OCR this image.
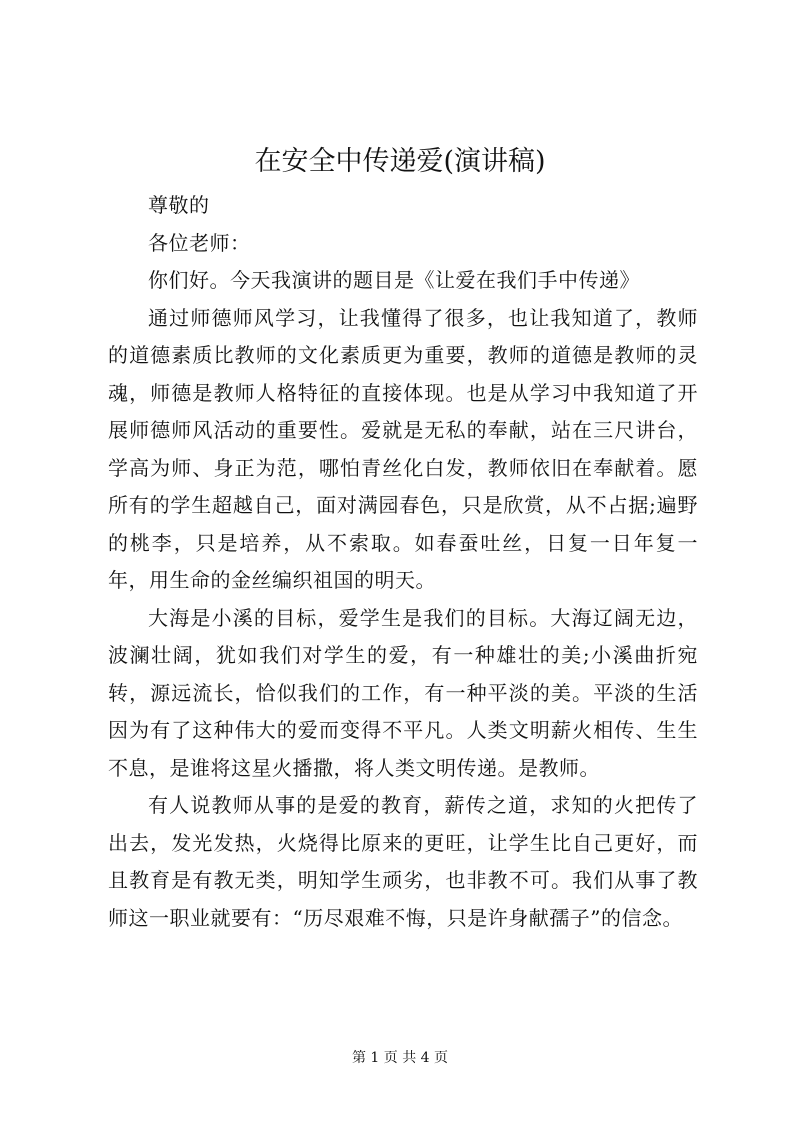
在安全中传递爱(演讲稿)

尊敬的

各位老师：

你们好。今天我演讲的题目是《让爱在我们手中传递》

通过师德师风学习，让我懂得了很多，也让我知道了，教师的道德素质比教师的文化素质更为重要，教师的道德是教师的灵魂，师德是教师人格特征的直接体现。也是从学习中我知道了开展师德师风活动的重要性。爱就是无私的奉献，站在三尺讲台，学高为师、身正为范，哪怕青丝化白发，教师依旧在奉献着。愿所有的学生超越自己，面对满园春色，只是欣赏，从不占据;遍野的桃李，只是培养，从不索取。如春蚕吐丝，日复一日年复一年，用生命的金丝编织祖国的明天。

大海是小溪的目标，爱学生是我们的目标。大海辽阔无边，波澜壮阔，犹如我们对学生的爱，有一种雄壮的美;小溪曲折宛转，源远流长，恰似我们的工作，有一种平淡的美。平淡的生活因为有了这种伟大的爱而变得不平凡。人类文明薪火相传、生生不息，是谁将这星火播撒，将人类文明传递。是教师。

有人说教师从事的是爱的教育，薪传之道，求知的火把传了出去，发光发热，火烧得比原来的更旺，让学生比自己更好，而且教育是有教无类，明知学生顽劣，也非教不可。我们从事了教师这一职业就要有：“历尽艰难不悔，只是许身献孺子”的信念。

第 1 页 共 4 页
